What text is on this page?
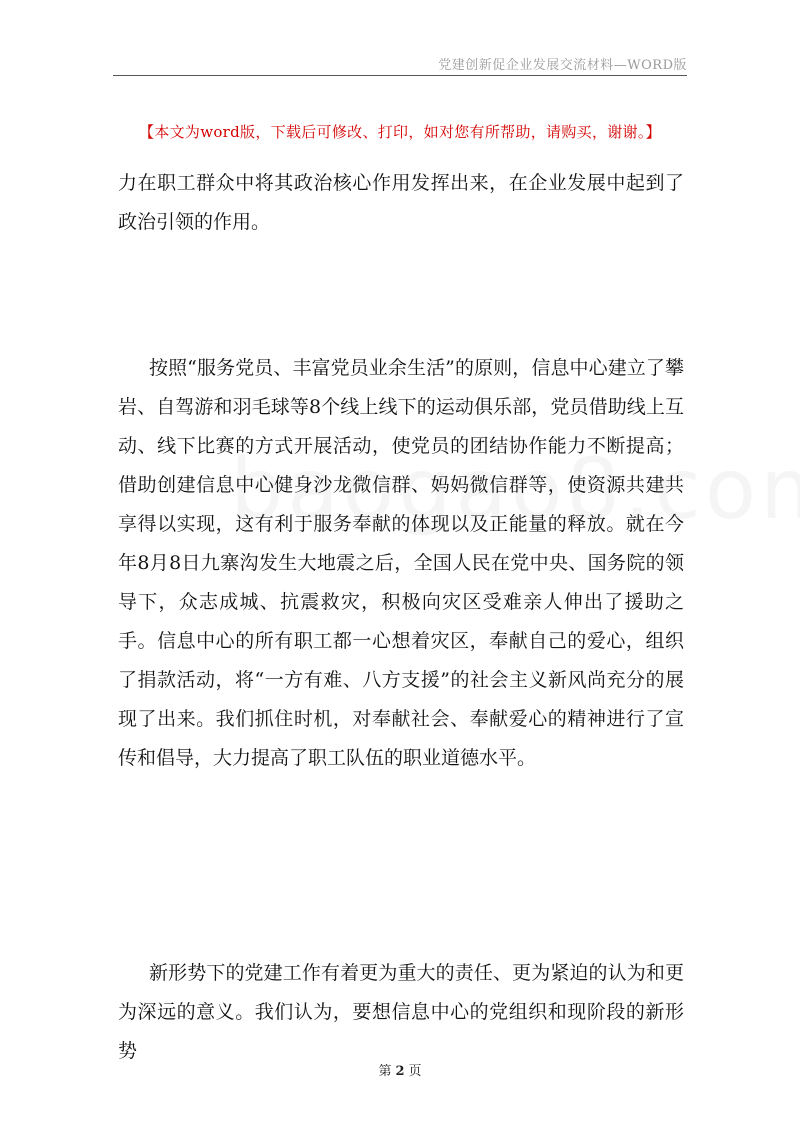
党建创新促企业发展交流材料—WORD版
【本文为word版，下载后可修改、打印，如对您有所帮助，请购买，谢谢。】

力在职工群众中将其政治核心作用发挥出来，在企业发展中起到了政治引领的作用。

按照“服务党员、丰富党员业余生活”的原则，信息中心建立了攀岩、自驾游和羽毛球等8个线上线下的运动俱乐部，党员借助线上互动、线下比赛的方式开展活动，使党员的团结协作能力不断提高；借助创建信息中心健身沙龙微信群、妈妈微信群等，使资源共建共享得以实现，这有利于服务奉献的体现以及正能量的释放。就在今年8月8日九寨沟发生大地震之后，全国人民在党中央、国务院的领导下，众志成城、抗震救灾，积极向灾区受难亲人伸出了援助之手。信息中心的所有职工都一心想着灾区，奉献自己的爱心，组织了捐款活动，将“一方有难、八方支援”的社会主义新风尚充分的展现了出来。我们抓住时机，对奉献社会、奉献爱心的精神进行了宣传和倡导，大力提高了职工队伍的职业道德水平。

新形势下的党建工作有着更为重大的责任、更为紧迫的认为和更为深远的意义。我们认为，要想信息中心的党组织和现阶段的新形势

第 2 页
